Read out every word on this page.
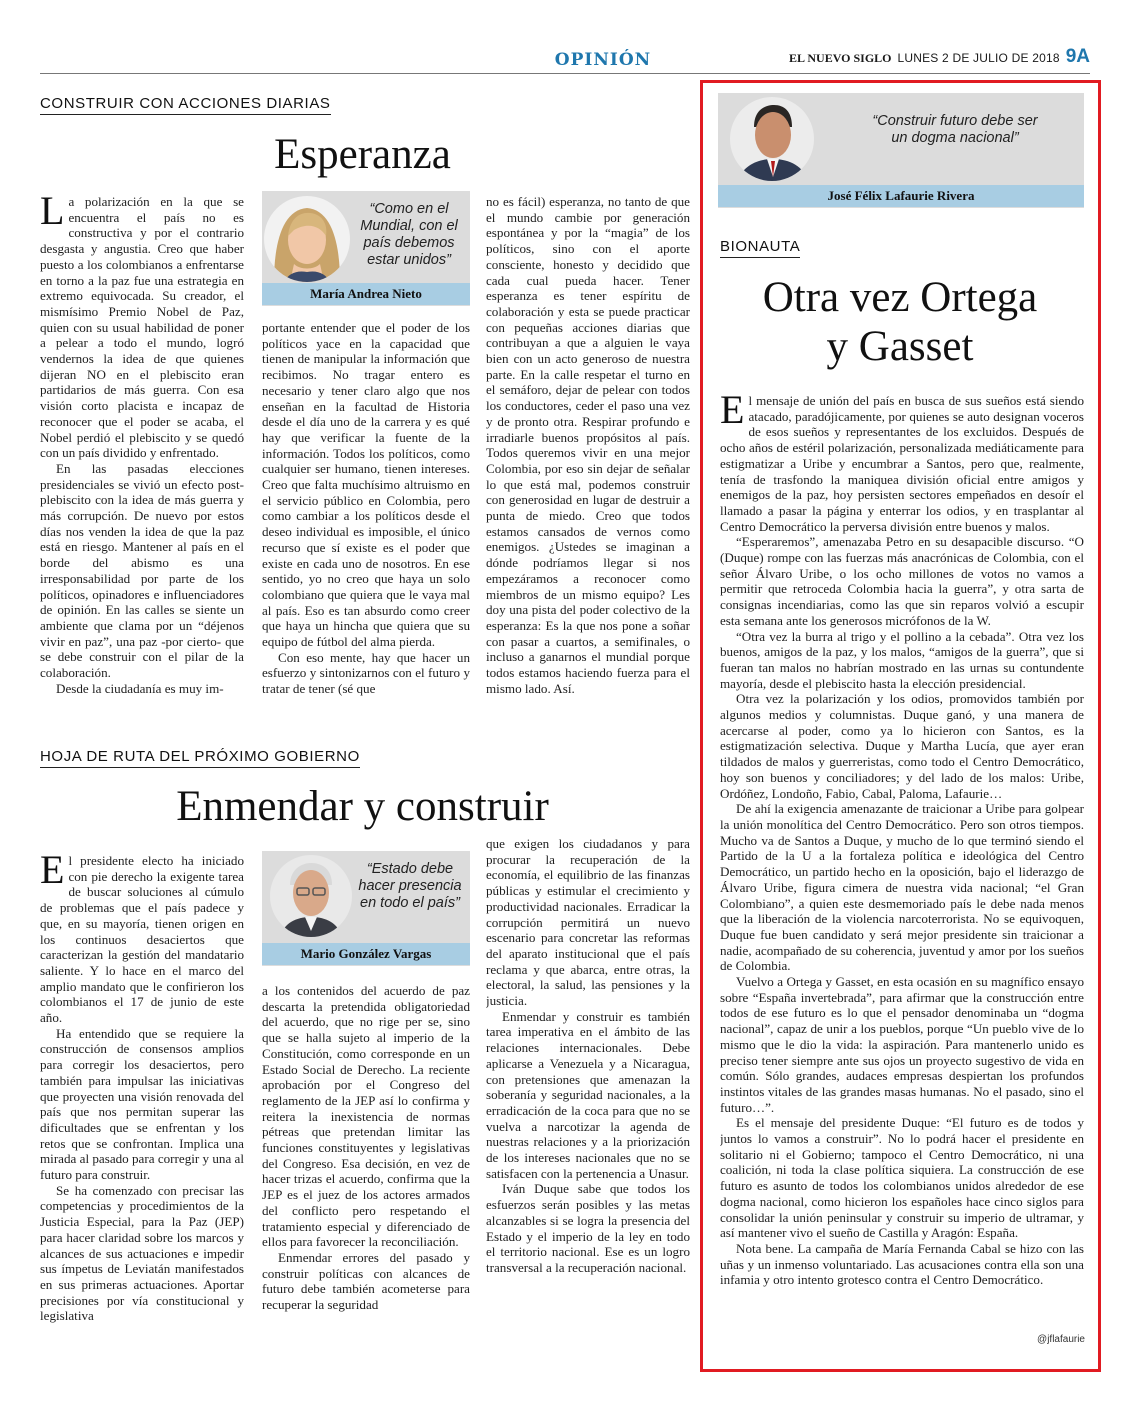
OPINIÓN	EL NUEVO SIGLO LUNES 2 DE JULIO DE 2018 9A
CONSTRUIR CON ACCIONES DIARIAS
Esperanza

La polarización en la que se encuentra el país no es constructiva y por el contrario desgasta y angustia. Creo que haber puesto a los colombianos a enfrentarse en torno a la paz fue una estrategia en extremo equivocada. Su creador, el mismísimo Premio Nobel de Paz, quien con su usual habilidad de poner a pelear a todo el mundo, logró vendernos la idea de que quienes dijeran NO en el plebiscito eran partidarios de más guerra. Con esa visión corto placista e incapaz de reconocer que el poder se acaba, el Nobel perdió el plebiscito y se quedó con un país dividido y enfrentado.

En las pasadas elecciones presidenciales se vivió un efecto post-plebiscito con la idea de más guerra y más corrupción. De nuevo por estos días nos venden la idea de que la paz está en riesgo. Mantener al país en el borde del abismo es una irresponsabilidad por parte de los políticos, opinadores e influenciadores de opinión. En las calles se siente un ambiente que clama por un “déjenos vivir en paz”, una paz -por cierto- que se debe construir con el pilar de la colaboración.

Desde la ciudadanía es muy im-

“Como en el Mundial, con el país debemos estar unidos”
María Andrea Nieto

portante entender que el poder de los políticos yace en la capacidad que tienen de manipular la información que recibimos. No tragar entero es necesario y tener claro algo que nos enseñan en la facultad de Historia desde el día uno de la carrera y es qué hay que verificar la fuente de la información. Todos los políticos, como cualquier ser humano, tienen intereses. Creo que falta muchísimo altruismo en el servicio público en Colombia, pero como cambiar a los políticos desde el deseo individual es imposible, el único recurso que sí existe es el poder que existe en cada uno de nosotros. En ese sentido, yo no creo que haya un solo colombiano que quiera que le vaya mal al país. Eso es tan absurdo como creer que haya un hincha que quiera que su equipo de fútbol del alma pierda.

Con eso mente, hay que hacer un esfuerzo y sintonizarnos con el futuro y tratar de tener (sé que

no es fácil) esperanza, no tanto de que el mundo cambie por generación espontánea y por la “magia” de los políticos, sino con el aporte consciente, honesto y decidido que cada cual pueda hacer. Tener esperanza es tener espíritu de colaboración y esta se puede practicar con pequeñas acciones diarias que contribuyan a que a alguien le vaya bien con un acto generoso de nuestra parte. En la calle respetar el turno en el semáforo, dejar de pelear con todos los conductores, ceder el paso una vez y de pronto otra. Respirar profundo e irradiarle buenos propósitos al país. Todos queremos vivir en una mejor Colombia, por eso sin dejar de señalar lo que está mal, podemos construir con generosidad en lugar de destruir a punta de miedo. Creo que todos estamos cansados de vernos como enemigos. ¿Ustedes se imaginan a dónde podríamos llegar si nos empezáramos a reconocer como miembros de un mismo equipo? Les doy una pista del poder colectivo de la esperanza: Es la que nos pone a soñar con pasar a cuartos, a semifinales, o incluso a ganarnos el mundial porque todos estamos haciendo fuerza para el mismo lado. Así.

HOJA DE RUTA DEL PRÓXIMO GOBIERNO
Enmendar y construir

El presidente electo ha iniciado con pie derecho la exigente tarea de buscar soluciones al cúmulo de problemas que el país padece y que, en su mayoría, tienen origen en los continuos desaciertos que caracterizan la gestión del mandatario saliente. Y lo hace en el marco del amplio mandato que le confirieron los colombianos el 17 de junio de este año.

Ha entendido que se requiere la construcción de consensos amplios para corregir los desaciertos, pero también para impulsar las iniciativas que proyecten una visión renovada del país que nos permitan superar las dificultades que se enfrentan y los retos que se confrontan. Implica una mirada al pasado para corregir y una al futuro para construir.

Se ha comenzado con precisar las competencias y procedimientos de la Justicia Especial, para la Paz (JEP) para hacer claridad sobre los marcos y alcances de sus actuaciones e impedir sus ímpetus de Leviatán manifestados en sus primeras actuaciones. Aportar precisiones por vía constitucional y legislativa

“Estado debe hacer presencia en todo el país”
Mario González Vargas

a los contenidos del acuerdo de paz descarta la pretendida obligatoriedad del acuerdo, que no rige per se, sino que se halla sujeto al imperio de la Constitución, como corresponde en un Estado Social de Derecho. La reciente aprobación por el Congreso del reglamento de la JEP así lo confirma y reitera la inexistencia de normas pétreas que pretendan limitar las funciones constituyentes y legislativas del Congreso. Esa decisión, en vez de hacer trizas el acuerdo, confirma que la JEP es el juez de los actores armados del conflicto pero respetando el tratamiento especial y diferenciado de ellos para favorecer la reconciliación.

Enmendar errores del pasado y construir políticas con alcances de futuro debe también acometerse para recuperar la seguridad

que exigen los ciudadanos y para procurar la recuperación de la economía, el equilibrio de las finanzas públicas y estimular el crecimiento y productividad nacionales. Erradicar la corrupción permitirá un nuevo escenario para concretar las reformas del aparato institucional que el país reclama y que abarca, entre otras, la electoral, la salud, las pensiones y la justicia.

Enmendar y construir es también tarea imperativa en el ámbito de las relaciones internacionales. Debe aplicarse a Venezuela y a Nicaragua, con pretensiones que amenazan la soberanía y seguridad nacionales, a la erradicación de la coca para que no se vuelva a narcotizar la agenda de nuestras relaciones y a la priorización de los intereses nacionales que no se satisfacen con la pertenencia a Unasur.

Iván Duque sabe que todos los esfuerzos serán posibles y las metas alcanzables si se logra la presencia del Estado y el imperio de la ley en todo el territorio nacional. Ese es un logro transversal a la recuperación nacional.

“Construir futuro debe ser un dogma nacional”
José Félix Lafaurie Rivera
BIONAUTA
Otra vez Ortega
y Gasset

El mensaje de unión del país en busca de sus sueños está siendo atacado, paradójicamente, por quienes se auto designan voceros de esos sueños y representantes de los excluidos. Después de ocho años de estéril polarización, personalizada mediáticamente para estigmatizar a Uribe y encumbrar a Santos, pero que, realmente, tenía de trasfondo la maniquea división oficial entre amigos y enemigos de la paz, hoy persisten sectores empeñados en desoír el llamado a pasar la página y enterrar los odios, y en trasplantar al Centro Democrático la perversa división entre buenos y malos.

“Esperaremos”, amenazaba Petro en su desapacible discurso. “O (Duque) rompe con las fuerzas más anacrónicas de Colombia, con el señor Álvaro Uribe, o los ocho millones de votos no vamos a permitir que retroceda Colombia hacia la guerra”, y otra sarta de consignas incendiarias, como las que sin reparos volvió a escupir esta semana ante los generosos micrófonos de la W.

“Otra vez la burra al trigo y el pollino a la cebada”. Otra vez los buenos, amigos de la paz, y los malos, “amigos de la guerra”, que si fueran tan malos no habrían mostrado en las urnas su contundente mayoría, desde el plebiscito hasta la elección presidencial.

Otra vez la polarización y los odios, promovidos también por algunos medios y columnistas. Duque ganó, y una manera de acercarse al poder, como ya lo hicieron con Santos, es la estigmatización selectiva. Duque y Martha Lucía, que ayer eran tildados de malos y guerreristas, como todo el Centro Democrático, hoy son buenos y conciliadores; y del lado de los malos: Uribe, Ordóñez, Londoño, Fabio, Cabal, Paloma, Lafaurie…

De ahí la exigencia amenazante de traicionar a Uribe para golpear la unión monolítica del Centro Democrático. Pero son otros tiempos. Mucho va de Santos a Duque, y mucho de lo que terminó siendo el Partido de la U a la fortaleza política e ideológica del Centro Democrático, un partido hecho en la oposición, bajo el liderazgo de Álvaro Uribe, figura cimera de nuestra vida nacional; “el Gran Colombiano”, a quien este desmemoriado país le debe nada menos que la liberación de la violencia narcoterrorista. No se equivoquen, Duque fue buen candidato y será mejor presidente sin traicionar a nadie, acompañado de su coherencia, juventud y amor por los sueños de Colombia.

Vuelvo a Ortega y Gasset, en esta ocasión en su magnífico ensayo sobre “España invertebrada”, para afirmar que la construcción entre todos de ese futuro es lo que el pensador denominaba un “dogma nacional”, capaz de unir a los pueblos, porque “Un pueblo vive de lo mismo que le dio la vida: la aspiración. Para mantenerlo unido es preciso tener siempre ante sus ojos un proyecto sugestivo de vida en común. Sólo grandes, audaces empresas despiertan los profundos instintos vitales de las grandes masas humanas. No el pasado, sino el futuro…”.

Es el mensaje del presidente Duque: “El futuro es de todos y juntos lo vamos a construir”. No lo podrá hacer el presidente en solitario ni el Gobierno; tampoco el Centro Democrático, ni una coalición, ni toda la clase política siquiera. La construcción de ese futuro es asunto de todos los colombianos unidos alrededor de ese dogma nacional, como hicieron los españoles hace cinco siglos para consolidar la unión peninsular y construir su imperio de ultramar, y así mantener vivo el sueño de Castilla y Aragón: España.

Nota bene. La campaña de María Fernanda Cabal se hizo con las uñas y un inmenso voluntariado. Las acusaciones contra ella son una infamia y otro intento grotesco contra el Centro Democrático.

@jflafaurie
